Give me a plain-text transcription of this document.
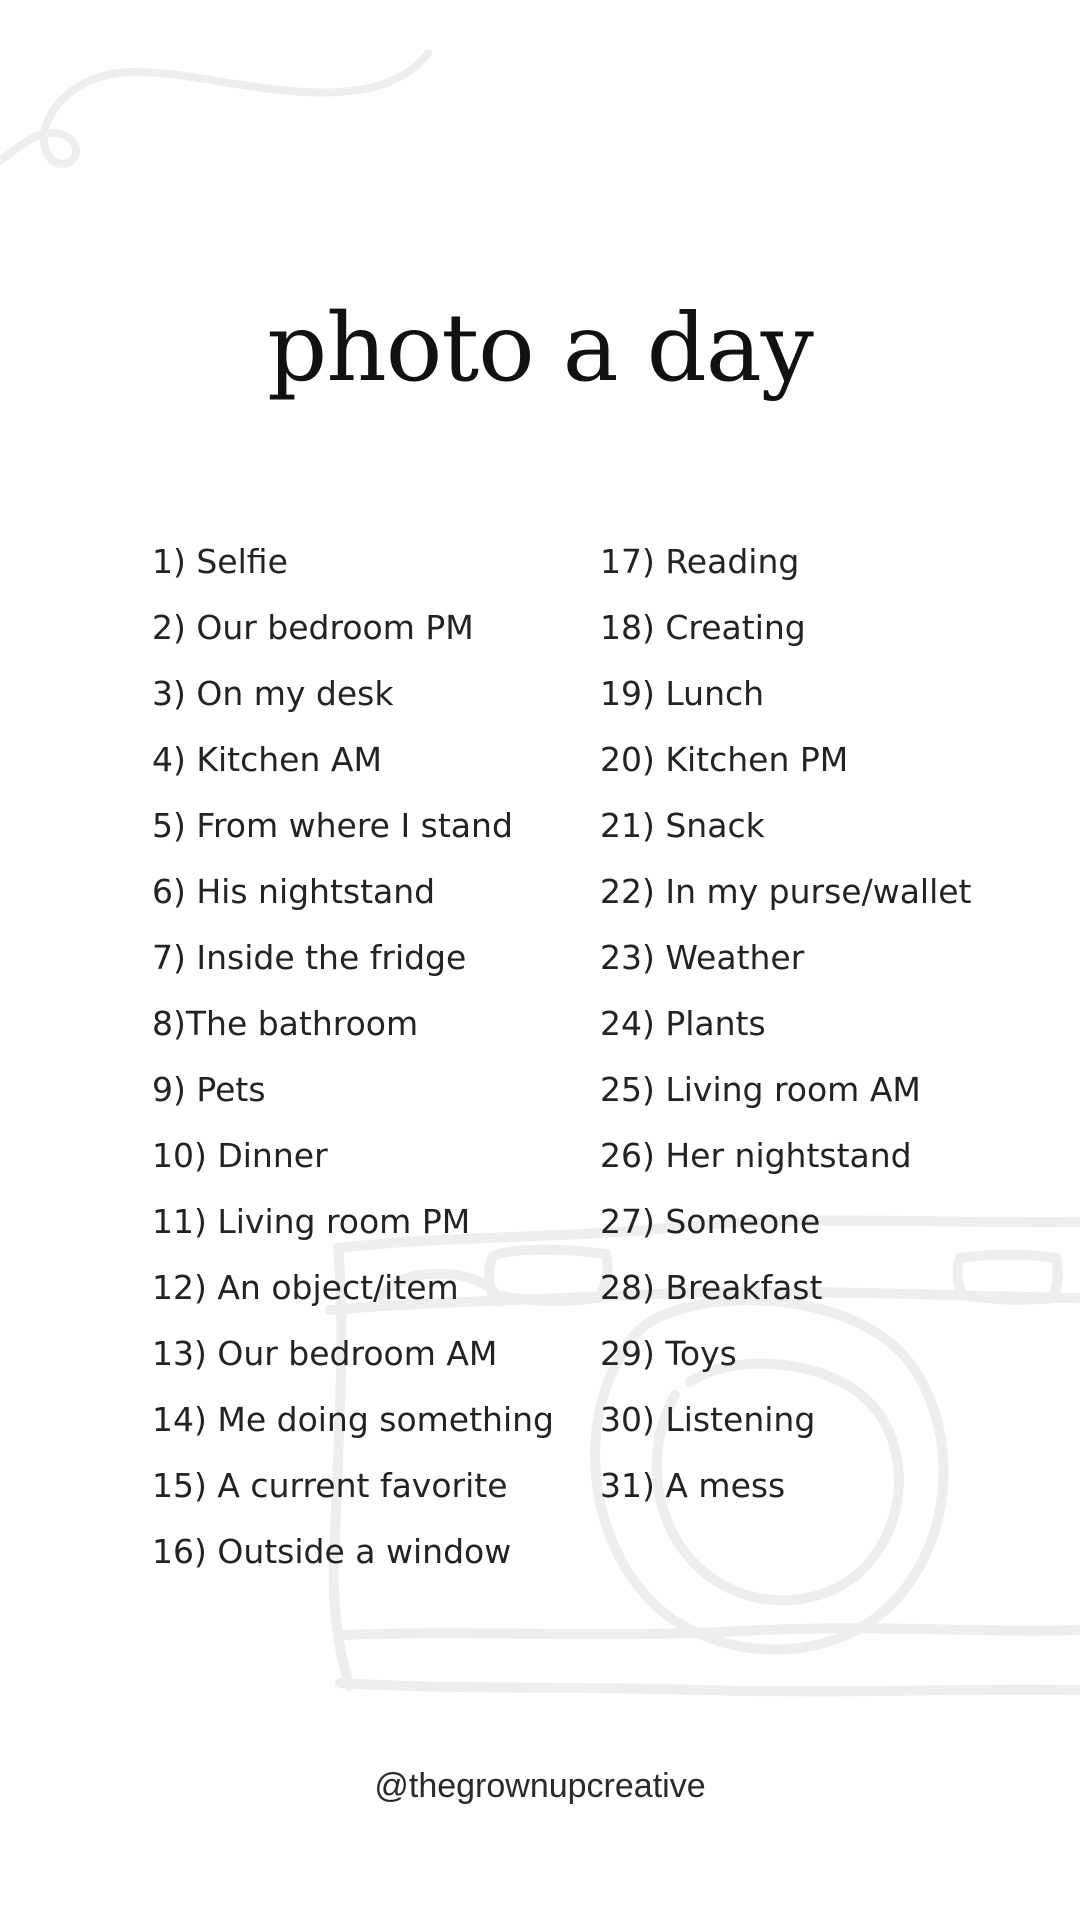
photo a day
1) Selfie
2) Our bedroom PM
3) On my desk
4) Kitchen AM
5) From where I stand
6) His nightstand
7) Inside the fridge
8)The bathroom
9) Pets
10) Dinner
11) Living room PM
12) An object/item
13) Our bedroom AM
14) Me doing something
15) A current favorite
16) Outside a window
17) Reading
18) Creating
19) Lunch
20) Kitchen PM
21) Snack
22) In my purse/wallet
23) Weather
24) Plants
25) Living room AM
26) Her nightstand
27) Someone
28) Breakfast
29) Toys
30) Listening
31) A mess
@thegrownupcreative
